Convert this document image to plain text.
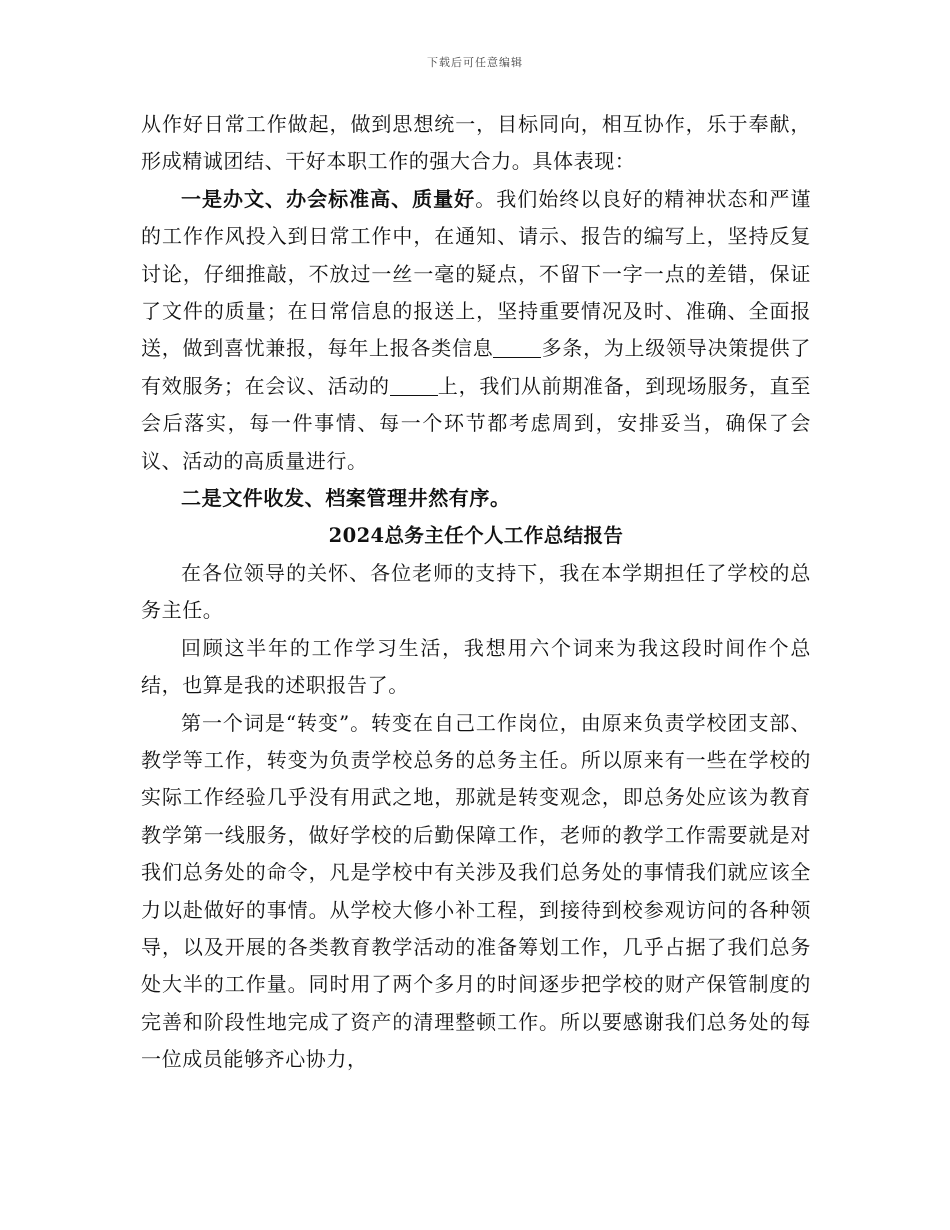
下载后可任意编辑

从作好日常工作做起，做到思想统一，目标同向，相互协作，乐于奉献，形成精诚团结、干好本职工作的强大合力。具体表现：

一是办文、办会标准高、质量好。我们始终以良好的精神状态和严谨的工作作风投入到日常工作中，在通知、请示、报告的编写上，坚持反复讨论，仔细推敲，不放过一丝一毫的疑点，不留下一字一点的差错，保证了文件的质量；在日常信息的报送上，坚持重要情况及时、准确、全面报送，做到喜忧兼报，每年上报各类信息 多条，为上级领导决策提供了有效服务；在会议、活动的 上，我们从前期准备，到现场服务，直至会后落实，每一件事情、每一个环节都考虑周到，安排妥当，确保了会议、活动的高质量进行。

二是文件收发、档案管理井然有序。

2024总务主任个人工作总结报告

在各位领导的关怀、各位老师的支持下，我在本学期担任了学校的总务主任。

回顾这半年的工作学习生活，我想用六个词来为我这段时间作个总结，也算是我的述职报告了。

第一个词是“转变”。转变在自己工作岗位，由原来负责学校团支部、教学等工作，转变为负责学校总务的总务主任。所以原来有一些在学校的实际工作经验几乎没有用武之地，那就是转变观念，即总务处应该为教育教学第一线服务，做好学校的后勤保障工作，老师的教学工作需要就是对我们总务处的命令，凡是学校中有关涉及我们总务处的事情我们就应该全力以赴做好的事情。从学校大修小补工程，到接待到校参观访问的各种领导，以及开展的各类教育教学活动的准备筹划工作，几乎占据了我们总务处大半的工作量。同时用了两个多月的时间逐步把学校的财产保管制度的完善和阶段性地完成了资产的清理整顿工作。所以要感谢我们总务处的每一位成员能够齐心协力，
